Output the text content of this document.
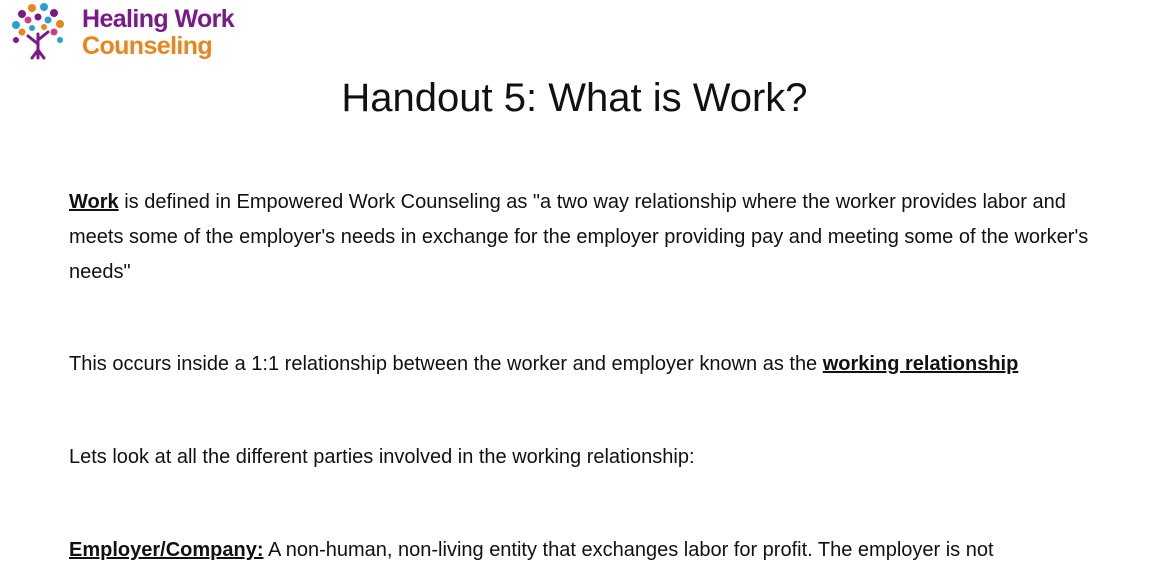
Healing Work
Counseling
Handout 5: What is Work?

Work is defined in Empowered Work Counseling as "a two way relationship where the worker provides labor and meets some of the employer's needs in exchange for the employer providing pay and meeting some of the worker's needs"

This occurs inside a 1:1 relationship between the worker and employer known as the working relationship

Lets look at all the different parties involved in the working relationship:

Employer/Company: A non-human, non-living entity that exchanges labor for profit. The employer is not
